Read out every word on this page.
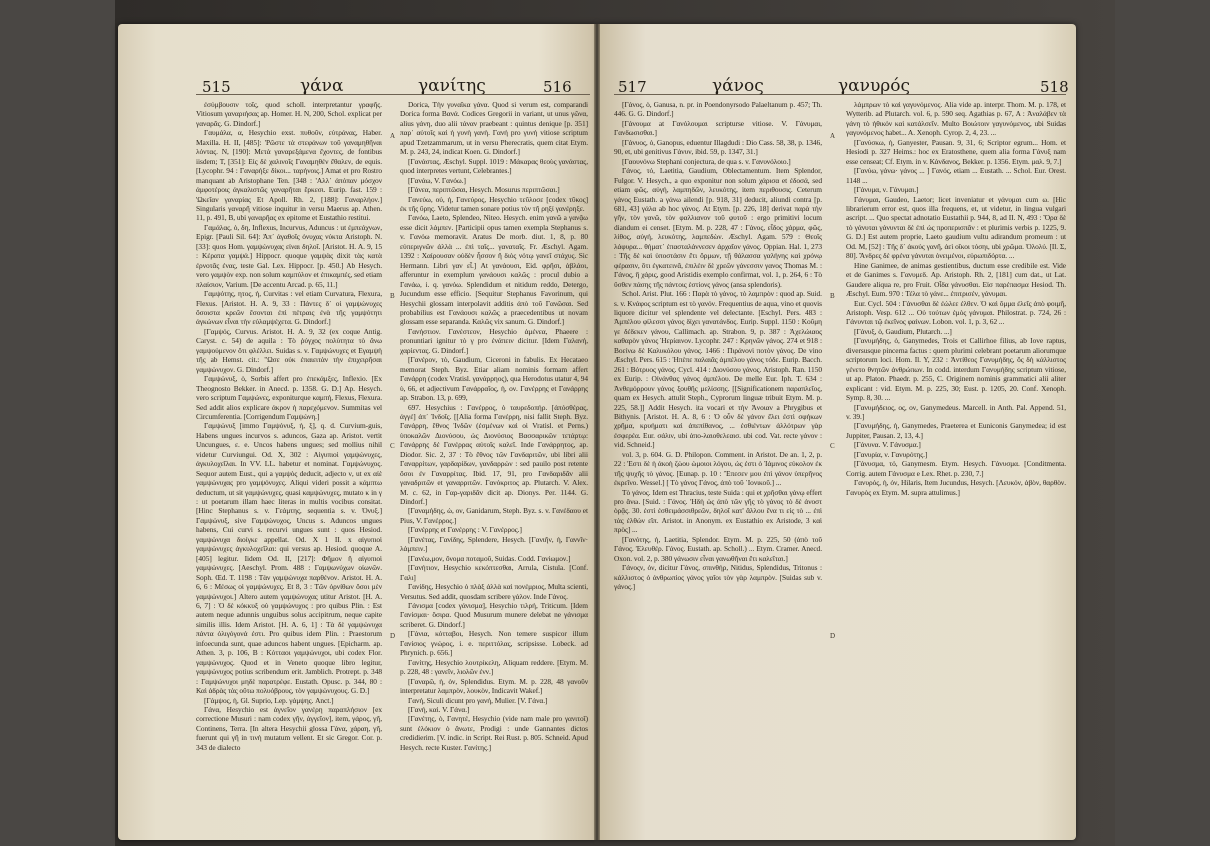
γανίτης	516	γανυρός	518

ἐσύμβουσιν τοῖς, quod scholl. interpretantur γραφῆς. Vitiosum γαναριήσας ap. Homer. H. N, 200, Schol. explicat per γαναρᾶς. G. Dindorf.]

Γαυμάλα, α, Hesychio exst. πυθοῦν, εὐτράνας, Haber. Maxilla. H. II, [485]: 'Ρῶστε τὰ στεφάνων τοῦ γαναμηθῆναι λόντας. N, [190]: Μετὰ γαναρεξάμενα ἔχοντες, de fontibus iisdem; T, [351]: Εἰς δὲ χαλινοῖς Γαναμηθέν ἔθαλεν, de equis. [Lycophr. 94 : Γαναρήξε δίκοι... ταρήνοις.] Amat et pro Rostro manquant ab Aristophane Ten. [348 : 'Αλλ᾽ ἀπόπαν μόσχον ἀμφοτέροις ἀγκαλιστῶς γαναρῆται ἔρκεσι. Eurip. fast. 159 : 'Ωκεῖαν γαναρίας Et Apoll. Rh. 2, [188]: Γαναρλήον.] Singularis γαναρῆ vitiose inquitur in versu Maerus ap. Athen. 11, p. 491, B, ubi γαναρῆας ex epitome et Eustathio restitui.

Γαμάλας, ὁ, δη, Inflexus, Incurvus, Aduncus : ut ἐμπεάχνων, Epigr. [Pauli Sil. 64]: Ἀπ᾽ ἀγαθοῖς ὀνυχας νύκτα Aristoph. N. [33]: quos Hom. γαμψώνυχας εἰναι δηλοῖ. [Aristot. H. A. 9, 15 : Κέρατα γαμψά.] Hippocr. quoque γαμψὰς dixit τὰς κατὰ ἐρνοτᾶς ἐνας, teste Gal. Lex. Hippocr. [p. 450.] Ab Hesych. vero γαμψὸν exp. non solum καμπύλον et ἐπικαμπές, sed etiam πλαίσιον, Varium. [De accentu Arcad. p. 65, 11.]

Γαμψότης, ητος, ἡ, Curvitas : vel etiam Curvatura, Flexura, Flexus. [Aristot. H. A. 9, 33 : Πάντες δ᾽ οἱ γαμψώνυχες ὅσοιστα κρεῶν ἔσονται ἐπὶ πέτραις ἐνὰ τῆς γαμψότητι ἀγκώνων εἶναι τὴν εὐλαμψέχετα. G. Dindorf.]

[Γαμψός, Curvus. Aristot. H. A. 9, 32 (ex coque Antig. Caryst. c. 54) de aquila : Τὸ ῥύγχος πολὺτητα τὸ ἄνω γαμψούμενον ὅτι φλέλλει. Suidas s. v. Γαμψώνυχες et Εγαμψὴ τῆς ab Hemst. cit.: "Ωσε οὐκ ἐπαιειτὰν τὴν ἐπιχειρῆσαι γαμψώνυχον. G. Dindorf.]

Γαμψώνυξ, ὁ, Sorbis affert pro ἐπεκάμξες, Inflexio. [Ex Theognosto Bekker. in Anecd. p. 1358. G. D.] Ap. Hesych. vero scriptum Γαμψώνες, exponiturque καμπή, Flexus, Flexura. Sed addit alios explicare ἀκρον ἡ παρεχόμενον. Summitas vel Circumferentia. [Corrigendum Γαμψώνη.]

Γαμψώνυξ [immo Γαμψόνυξ, ἡ, ξ], q. d. Curvium-guis, Habens ungues incurvos s. aduncos, Gaza ap. Aristot. vertit Uncungues, ε. e. Uncos habens ungues; sed mollius nihil videtur Curviungui. Od. X, 302 : Αἰγυπιοὶ γαμψώνυχες, ἀγκυλοχεῖλαι. In VV. LL. habetur et nominat. Γαμψώνυχος. Sequor autem Eust., qui a γαμψὸς deducit, adjecto ν, ut ex αἰὲ γαμψώνυχας pro γαμψόνυχες. Aliqui videri possit a κάμπτω deductum, ut sit γαμψώνυχες, quasi καμψώνυχες, mutato κ in γ : ut poetarum illam haec literas in multis vocibus consitat. [Hinc Stephanus s. v. Γεάμτης, sequentia s. v. Ὀνυξ.] Γαμψώνυξ, sive Γαμψώνυχος, Uncus s. Aduncos ungues habens, Cui curvi s. recurvi ungues sunt : quos Hesiod. γαμψώνυχα διοίγκε appellat. Od. X 1 II. x αἰγυπιοὶ γαμψώνυχες ἀγκυλοχεῖλαι: qui versus ap. Hesiod. quoque A. [405] legitur. Iidem Od. II, [217]: Φῆμον ἢ αἰγυπιοὶ γαμψώνυχες. [Aeschyl. Prom. 488 : Γαμψωνύχων οἰωνῶν. Soph. Œd. T. 1198 : Τὰν γαμψώνυχα παρθένον. Aristot. H. A. 6, 6 : Μέσως οἱ γαμψώνυχες. Et 8, 3 : Τῶν ὀρνίθων ὅσοι μὲν γαμψώνυχοι.] Altero autem γαμψώνυχας utitur Aristot. [H. A. 6, 7] : Ὁ δὲ κόκκυξ οὐ γαμψώνυχος : pro quibus Plin. : Est autem neque adunnis unguibus solus accipitrum, neque capite similis illis. Idem Aristot. [H. A. 6, 1] : Τὰ δὲ γαμψώνυχα πάντα ὀλιγόγονά ἐστι. Pro quibus idem Plin. : Praestorum infoecunda sunt, quae aduncos habent ungues. [Epicharm. ap. Athen. 3, p. 106, B : Κότταοι γαμψώνυχοι, ubi codex Flor. γαμψώνυχος. Quod et in Veneto quoque libro legitur, γαμψώνυχος potius scribendum erit. Jamblich. Protrept. p. 348 : Γαμψώνυχοι μηδὲ παρατρέφε. Eustath. Opusc. p. 344, 80 : Καὶ ἀδρὰς τὰς οὔτω πολυόβρους, τὸν γαμψώνυχους. G. D.]

[Γάμψος, ἡ, Gl. Suprio, Lep. γάμψης. Anct.]

Γάνα, Hesychio est ἀγνεῖον γανέρη παραπλήσιον [ex correctione Musuri : nam codex γῆν, ἀγγεῖον], item, γάρος, γῆ, Continens, Terra. [In altera Hesychii glossa Γάνα, χάραη, γῆ, fuerunt qui γῆ in τινὴ mutatum vellent. Et sic Gregor. Cor. p. 343 de dialecto

Dorica, Τὴν γυναῖκα γάνα. Quod si verum est, comparandi Dorica forma Βανά. Codices Gregorii in variant, ut unus γῶνα, alius γάνη, duo alii τάναν praebeant : quintus denique [p. 351] παρ᾽ αὐτοῖς καὶ ἡ γυνὴ γανὴ. Γανή pro γυνή vitiose scriptum apud Tzetzammarum, ut in versu Pherecratis, quem citat Etym. M. p. 243, 24, indicat Koen. G. Dindorf.]

[Γανάστας, Æschyl. Suppl. 1019 : Μάκαρας θεοὺς γανάστας, quod interpretes vertunt, Celebrantes.]

[Γανάω, V. Γανόω.]

[Γάνεα, περιπτῶσαι, Hesych. Mosurus περιπτῶσαι.]

Γανεύω, οὐ, ἡ, Γανεύρος, Hesychio τεῦλοσε [codex τῦκος] ἐκ τῆς ὕρης. Videtur tamen sonare potius τὸν τῆ ρηξί γανέρηξε.

Γανόω, Laeto, Splendeo, Niteo. Hesych. enim γανῶ a γανᾷω esse dicit λάμπεν. [Participii opus tamen exempla Stephanus s. v. Γανόω memoravit. Aratus De morb. diut. 1, 8, p. 80 εὐπεριγνῶν ἀλλὰ ... ἐπὶ ταῖς... γαναταῖς. Fr. Æschyl. Agam. 1392 : Χαίρουσαν οὐδὲν ἧσσον ἢ διὸς νότῳ γανεῖ στάχυς. Sic Hermann. Libri γαν εἶ.] At γανάουσι, Eid. φρῆσι, ἀβλάοι, afferuntur in exemplum γανάουσι καλῶς : procul dubio a Γανάω, i. q. γανόω. Splendidum et nitidum reddo, Detergo, Jucundum esse efficio. [Sequitur Stephanus Favorinum, qui Hesychii glossam interpolavit additis ἀπὸ τοῦ Γανῶσαι. Sed probabilius est Γανάουσι καλῶς a praecedentibus ut novam glossam esse separanda. Καλῶς vix sanum. G. Dindorf.]

Γανήστιον. Γανέστεον, Hesychio ἀμένεα, Phaeere : pronuntiari ignitur τὸ γ pro ἐνάπειν dicitur. [Idem Γαλανή, χαρίεντας. G. Dindorf.]

[Γανέρον, τὸ, Gaudium, Ciceroni in fabulis. Ex Hecataeo memorat Steph. Byz. Etiar aliam nominis formam affert Γανάρρη (codex Vratisl. γανάρρηος), qua Herodotus utatur 4, 94 ὑ, 66, et adjectivum Γανάρραῖος, ἡ, ον. Γανέρρης et Γανάρρης ap. Strabon. 13, p. 699,

697. Hesychius : Γανέρρος, ὁ ταυρεδοπήρ. [ἀπόσθέρας, ἀγγέ] ἀπ᾽ Ἰνδοῖς. [[Alia forma Γανέρρη, nisi fallit Steph. Byz. Γανάρρη, ἔθνος Ἰνδῶν (ἐσμένων καὶ οἱ Vratisl. et Perns.) ὑποκαλῶν Διονύσου, ὡς Διονύσιος Βασσαρικῶν τετάρτῳ: Γανάρρης δέ Γανέρρας αὐτοῖς καλεῖ. Inde Γανάρρητος, ap. Diodor. Sic. 2, 37 : Τὸ ἔθνος τῶν Γανδαριτῶν, ubi libri alii Γαναρρίτων, γαρδαρίδων, γανδαρρών : sed pauilo post retente ὅσοι ἐν Γαναρρίτας. Ibid. 17, 91, pro Γανδαριδᾶν alii γαναδριτῶν et γαναρριτῶν. Γανόκριτος ap. Plutarch. V. Alex. M. c. 62, in Γαρ-γαριδᾶν dicit ap. Dionys. Per. 1144. G. Dindorf.]

[Γαναμήδης, ὡ, ον, Ganidarum, Steph. Byz. s. v. Γανέδαου et Pius, V. Γανέρρος.]

[Γανέρρης et Γανέρρης : V. Γανέρρος.]

[Γανέτας, Γανίδης, Splendere, Hesych. [Γανιῆν, ἡ, Γαννῖν· λάμπειν.]

[Γανέω,μον, ὄνομα ποταμοῦ, Suidas. Codd. Γανίωμον.]

[Γανήτιον, Hesychio κεκόπτεσθαι, Arrula, Cistula. [Conf. Γαλι]

Γανίδης, Hesychio ὁ πλὰξ ἀλλὰ καὶ πονέμριος, Multa scienti, Versutus. Sed addit, quosdam scribere γάλον. Inde Γάνος.

Γάνισμα [codex γάνισμα], Hesychio τιλρή, Triticum. [Idem Γανίσμαι· ὄσιρα. Quod Musurum munere delebat ne γάνισμα scriberet. G. Dindorf.]

[Γάνια, κότταβοι, Hesych. Non temere suspicor illum Γανίσιος γνώρος, i. e. περιττόλας, scripsisse. Lobeck. ad Phrynich. p. 656.]

Γανίτης, Hesychio λουτρίκελη, Aliquam reddere. [Etym. M. p. 228, 48 : γανεῖν, λιολῶν ἐνν.]

[Γαναρῶ, ἡ, ὁν, Splendidus. Etym. M. p. 228, 48 γανοῦν interpretatur λαμπρὸν, λουκὸν, Indicavit Wakef.]

Γανή, Siculi dicunt pro γανή, Mulier. [V. Γάνα.]

[Γανή, καὶ. V. Γάνα.]

[Γανέτης, ὁ, Γανητέ, Hesychio (vide nam male pro γανιτοῖ) sunt ἐλόκιον ὁ ἄνωτε, Prodigi : unde Gannantes dictos credidierim. [V. indic. in Script. Rei Rust. p. 805. Schneid. Apud Hesych. recte Kuster. Γανίτης.]

[Γάνος, ὁ, Ganusa, n. pr. in Poendonyrsodo Palaeltanum p. 457; Th. 446. G. G. Dindorf.]

[Γάνουμα at Γανόλουμαι scripturse vitiose. V. Γάνυμαι, Γανδωσισθαι.]

[Γάνυος, ὁ, Ganopus, eduentur Illagdudi : Dio Cass. 58, 38, p. 1346, 90, et, ubi genitivus Γάνυν, ibid. 59, p. 1347, 31.]

[Γαουνόνω Stephani conjectura, de qua s. v. Γανυνόλοιο.]

Γάνος, τό, Laetitia, Gaudium, Oblectamentum. Item Splendor, Fulgor. V. Hesych., a quo exponitur non solum χάρισα et ἐδοσά, sed etiam φῶς, αὐγή, λαμπηδῶν, λευκότης, item περιθουσις. Ceterum γάνος Eustath. a γάνω ailendi [p. 918, 31] deducit, aliundi contra [p. 681, 43] γάλα ab hoc γάνος. At Etym. [p. 226, 18] derivat παρὰ τὴν γῆν, τὸν γανῶ, τὸν φαλλιανον τοῦ φυτοῦ : ergo primitivi locum diandum ei censet. [Etym. M. p. 228, 47 : Γάνος, εἶδος χάρμα, φῶς, λίθος, αὐγή, λευκότης, λαμπεδὼν. Æschyl. Agam. 579 : Θεοῖς λάφυρα... θήματ᾽ ἐπασταλάννεσεν ἀρχαῖον γάνος. Oppian. Hal. 1, 273 : Τῆς δὲ καὶ ὑποστάσιν ἔτι ὄρμων, τῇ θάλασσα γαλήνης καὶ χρόνῳ φέρασιν, ὅτι ἐγκατεινᾶ, ἐπιλέιν δὲ χρεῶν γάνεσσιν γανος Thomas M. : Γάνος, ἢ χάρις, good Aristidis exemplo confirmat, vol. 1, p. 264, 6 : Τὸ ὕσθεν πάσης τῆς πάντοις ἑστίονς γάνος (ansa splendoris).

Schol. Arist. Plut. 166 : Παρὰ τὸ γάνος, τὸ λαμπρὸν : quod ap. Suid. s. v. Κνάφος scriptum est τὸ γανόν. Frequentius de aqua, vino et quovis liquore dicitur vel splendente vel delectante. [Eschyl. Pers. 483 : Ἀμπέλου φίλεσσι γάνος δίχει γανατάνδος. Eurip. Suppl. 1150 : Κοῦμη γε δέδεκεν γάνου, Callimach. ap. Strabon. 9, p. 387 : Ἀχελώιαος καθαρὸν γάνος Ἡερίαινον. Lycophr. 247 : Κρηνῶν γάνος. 274 et 918 : Βοείνω δὲ Καλυκόλου γάνος. 1466 : Πιράνονὶ ποτὸν γάνος. De vino Æschyl. Pers. 615 : Ἠπὲπε παλαιᾶς ἀμπέλου γάνος τόδε. Eurip. Bacch. 261 : Βότρυος γάνος. Cycl. 414 : Διονύσου γάνος. Aristoph. Ran. 1150 ex Eurip. : Οἰνάνθας γάνος ἀμπέλου. De melle Eur. Iph. T. 634 : Ἀνθεμόρρουν γάνος ξουθῆς μελίσσης. [[Significationem παραπλεῖος, quam ex Hesych. attulit Steph., Cyprorum linguæ tribuit Etym. M. p. 225, 58.]] Addit Hesych. ita vocari et τὴν Ἀνοιαν a Phrygibus et Bithynis. [Aristot. H. A. 8, 6 : Ὁ οὖν δὲ γάνον ἕλει ἐστὶ σφήκων χρῆμα, κρυήματι καὶ ἀπεπίθανος, ... ἐσθιέντων ἀλλότρων γὰρ ἐσφερέα. Eur. σάλιν, ubi ἀπο-λαιοθελεαισ. ubi cod. Vat. recte γάνον : vid. Schneid.]

vol. 3, p. 604. G. D. Philopon. Comment. in Aristot. De an. 1, 2, p. 22 : Ἐστι δὲ ἡ ἀκοὴ ζώου ὡμοιοι λόγου, ὡς ἐστι ὁ Ἰάμινος εὐκολον ἐκ τῆς ψυχῆς τὸ γάνος. [Eunap. p. 10 : Ἔπεσεν μου ἐπὶ γάνον ὑπερῆνος ἐκρεῖνο. Wessel.] [ Τὸ γάνος Γάνος, ἀπὸ τοῦ ᾽Ιονικοῦ.] ...

Τὸ γάνος. Idem est Thracius, teste Suida : qui et χρῆσθαι γάνῳ effert pro ἄνω. [Suid. : Γάνος. 'Ηδὴ ὡς ἀπὸ τῶν γῆς τὸ γάνος τὸ δὲ ἀνοστ ὁρᾷς. 30. ἐστὶ ἐσθειμάσσιθρεῶν, δηλοῖ κατ' ἄλλου ἔνα τι εἰς τὸ ... ἐπὶ τὰς ἐλθὼν εἴπ. Aristot. in Anonym. ex Eustathio ex Aristode, 3 καὶ πρὸς] ...

[Γανότης, ἡ, Laetitia, Splendor. Etym. M. p. 225, 50 (ἀπὸ τοῦ Γάνος. Ἐλευθέρ. Γάνος. Eustath. ap. Scholl.) ... Etym. Cramer. Anecd. Oxon. vol. 2, p. 380 γάνωσιν εἶναι γανωθῆναι ἔτι καλεῖται.]

Γάνοςν, ὁν, dicitur Γάνος, σπινθήρ, Nitidus, Splendidus, Tritonus : κάλλιστος ὁ ἀνθρωπίος γάνος γαῖοι τὸν γὰρ λαμπρὸν. [Suidas sub v. γάνος.]

λάμπρων τὸ καὶ γαγυνόμενος. Alia vide ap. interpr. Thom. M. p. 178, et Wytterib. ad Plutarch. vol. 6, p. 590 seq. Agathias p. 67, A : Ἀναλάβεν τὰ γάνη τὸ ἡθικόν καὶ κατάλσεῖν. Multo Βοιώτοιν γαγυνόμενος, ubi Suidas γαγυνόμενος habet... A. Xenoph. Cyrop. 2, 4, 23. ...

[Γανύσκω, ἡ, Ganyester, Pausan. 9, 31, 6; Scriptor egrum... Hom. et Hesiodi p. 327 Heims.: hoc ex Eratosthene, quem alia forma Γάνυξ nam esse censeat; Cf. Etym. in v. Κάνδανος, Bekker. p. 1356. Etym. μαλ. 9, 7.]

[Γανύω, γάνω· γάνος ... ] Γανός, etiam ... Eustath. ... Schol. Eur. Orest. 1148 ...

[Γάνυμα, ν. Γάνυμαι.]

Γάνυμαι, Gaudeo, Laetor; licet inveniatur et γάνυμαι cum ω. [Hic librarierum error est, quos illa frequens, et, ut videtur, in lingua vulgari ascript. ... Quo spectat adnotatio Eustathii p. 944, 8, ad II. N, 493 : Ὅρα δὲ τὸ γάνυται γάνυνται δὲ ἐπὶ ὡς προπερισπᾶν : et plurimis verbis p. 1225, 9. G. D.] Est autem proprie, Laeto gaudium vultu adirandum promeum : ut Od. M, [52] : Τῆς δ᾽ ἀκούς γανῆ, ἀεὶ οἴκοι τόσηι, ubi χρῶμα. Ὁλολύ. [Il. Σ, 80]. Ἄνδρες δὲ φρένα γάνυται ὀνειμένοι, εὐρωπιδόρτα. ...

Hine Ganimee, de animas gestientibus, ductum esse credibile est. Vide et de Ganimes s. Γανυμεδ. Ap. Aristoph. Rh. 2, [181] cum dat., ut Lat. Gaudere aliqua re, pro Fruit. Οἶδα γάνυσθαι. Εἰσ παρέπασμα Hesiod. Th. Æschyl. Eum. 970 : Τέλα τὸ γάνε... ἐπιτρισέν, γάνυμαι.

Eur. Cycl. 504 : Γάνυσθαι δὲ ἐώλεε ἐλθεν. Ὁ καὶ ὄμμα ἐλεῖς ἀπὸ φοιμῆ, Aristoph. Vesp. 612 ... Οὐ τούτων ἐμὸς γάνυμαι. Philostrat. p. 724, 26 : Γάνυνται τῷ ἐκεῖνος φαίνων. Lobon. vol. 1, p. 3, 62 ...

[Γάνυξ, ὁ, Gaudium, Plutarch. ...]

[Γανυμήδης, ὁ, Ganymedes, Trois et Callirhoe filius, ab Iove raptus, diversusque pincerna factus : quem plurimi celebrant poetarum aliorumque scriptorum loci. Hom. Il. Y, 232 : Ἀντίθεος Γανυμήδης, ὃς δὴ κάλλιστος γένετο θνητῶν ἀνθρώπων. In codd. interdum Γανυμήδης scriptum vitiose, ut ap. Platon. Phaedr. p. 255, C. Originem nominis grammatici alii aliter explicant : vid. Etym. M. p. 225, 30; Eust. p. 1205, 20. Conf. Xenoph. Symp. 8, 30. ...

[Γανυμήδειος, ος, ον, Ganymedeus. Marcell. in Anth. Pal. Append. 51, v. 39.]

[Γανυμήδης, ἡ, Ganymedes, Praeterea et Euniconis Ganymedea; id est Juppiter, Pausan. 2, 13, 4.]

[Γάνυνα. V. Γάνυσμα.]

[Γανυρία, ν. Γανυρότης.]

[Γάνυσμα, τό, Ganymesm. Etym. Hesych. Γάνυσμα. [Conditmenta. Corrig. autem Γάνυσμα e Lex. Rhet. p. 230, 7.]

Γανυρός, ἡ, ὀν, Hilaris, Item Jucundus, Hesych. [Λευκόν, ἁβὸν, θαρθὸν. Γανυρὸς ex Etym. M. supra attulimus.]

A
B
C
D
A
B
C
D
515	γάνα	517	γάνος
